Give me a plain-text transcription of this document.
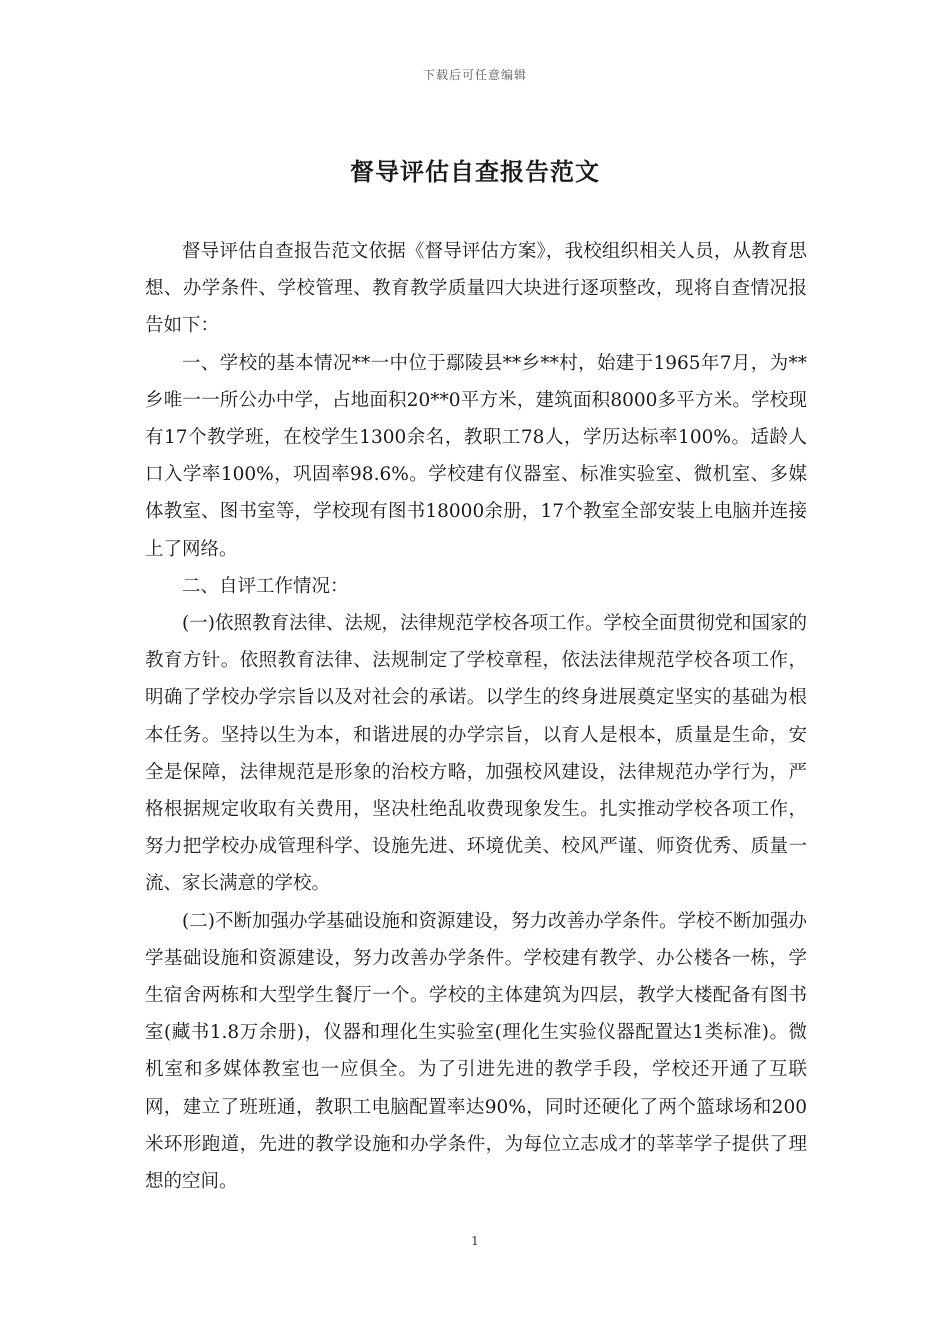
下载后可任意编辑
督导评估自查报告范文

督导评估自查报告范文依据《督导评估方案》，我校组织相关人员，从教育思想、办学条件、学校管理、教育教学质量四大块进行逐项整改，现将自查情况报告如下：

一、学校的基本情况**一中位于鄢陵县**乡**村，始建于1965年7月，为**乡唯一一所公办中学，占地面积20**0平方米，建筑面积8000多平方米。学校现有17个教学班，在校学生1300余名，教职工78人，学历达标率100%。适龄人口入学率100%，巩固率98.6%。学校建有仪器室、标准实验室、微机室、多媒体教室、图书室等，学校现有图书18000余册，17个教室全部安装上电脑并连接上了网络。

二、自评工作情况：

(一)依照教育法律、法规，法律规范学校各项工作。学校全面贯彻党和国家的教育方针。依照教育法律、法规制定了学校章程，依法法律规范学校各项工作，明确了学校办学宗旨以及对社会的承诺。以学生的终身进展奠定坚实的基础为根本任务。坚持以生为本，和谐进展的办学宗旨，以育人是根本，质量是生命，安全是保障，法律规范是形象的治校方略，加强校风建设，法律规范办学行为，严格根据规定收取有关费用，坚决杜绝乱收费现象发生。扎实推动学校各项工作，努力把学校办成管理科学、设施先进、环境优美、校风严谨、师资优秀、质量一流、家长满意的学校。

(二)不断加强办学基础设施和资源建设，努力改善办学条件。学校不断加强办学基础设施和资源建设，努力改善办学条件。学校建有教学、办公楼各一栋，学生宿舍两栋和大型学生餐厅一个。学校的主体建筑为四层，教学大楼配备有图书室(藏书1.8万余册)，仪器和理化生实验室(理化生实验仪器配置达1类标准)。微机室和多媒体教室也一应俱全。为了引进先进的教学手段，学校还开通了互联网，建立了班班通，教职工电脑配置率达90%，同时还硬化了两个篮球场和200米环形跑道，先进的教学设施和办学条件，为每位立志成才的莘莘学子提供了理想的空间。

1
